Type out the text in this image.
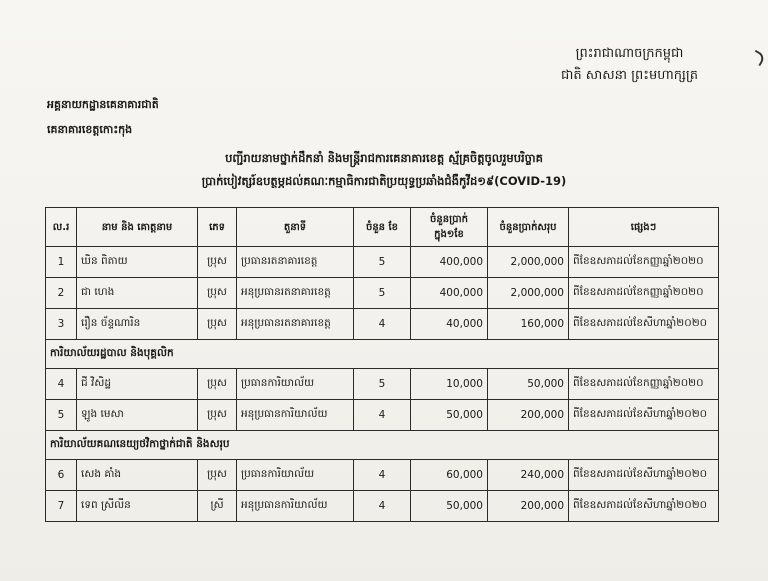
ព្រះរាជាណាចក្រកម្ពុជា
ជាតិ សាសនា ព្រះមហាក្សត្រ
អគ្គនាយកដ្ឋានគេនាគារជាតិ
គេនាគារខេត្តកោះកុង
បញ្ជីរាយនាមថ្នាក់ដឹកនាំ និងមន្ត្រីរាជការគេនាគារខេត្ត ស្ម័គ្រចិត្តចូលរួមបរិច្ចាគ
ប្រាក់បៀវត្សរ៍ឧបត្ថម្ភដល់គណៈកម្មាធិការជាតិប្រយុទ្ធប្រឆាំងជំងឺកូវីដ១៩(COVID-19)
ល.រ	នាម និង គោត្តនាម	ភេទ	តួនាទី	ចំនួន ខែ	ចំនួនប្រាក់ ក្នុង១ខែ	ចំនួនប្រាក់សរុប	ផ្សេងៗ
1	ឃិន ពិតាយ	ប្រុស	ប្រធានរតនាគារខេត្ត	5	400,000	2,000,000	ពីខែឧសភាដល់ខែកញ្ញាឆ្នាំ២០២០
2	ជា ហេង	ប្រុស	អនុប្រធានរតនាគារខេត្ត	5	400,000	2,000,000	ពីខែឧសភាដល់ខែកញ្ញាឆ្នាំ២០២០
3	រឿន ច័ន្ទណារិន	ប្រុស	អនុប្រធានរតនាគារខេត្ត	4	40,000	160,000	ពីខែឧសភាដល់ខែសីហាឆ្នាំ២០២០
ការិយាល័យរដ្ឋបាល និងបុគ្គលិក							
4	ជី វិសិដ្ឋ	ប្រុស	ប្រធានការិយាល័យ	5	10,000	50,000	ពីខែឧសភាដល់ខែកញ្ញាឆ្នាំ២០២០
5	ឡូង មេសា	ប្រុស	អនុប្រធានការិយាល័យ	4	50,000	200,000	ពីខែឧសភាដល់ខែសីហាឆ្នាំ២០២០
ការិយាល័យគណនេយ្យថវិកាថ្នាក់ជាតិ និងសរុប							
6	សេង គាំង	ប្រុស	ប្រធានការិយាល័យ	4	60,000	240,000	ពីខែឧសភាដល់ខែសីហាឆ្នាំ២០២០
7	ទេព ស្រីលីន	ស្រី	អនុប្រធានការិយាល័យ	4	50,000	200,000	ពីខែឧសភាដល់ខែសីហាឆ្នាំ២០២០
